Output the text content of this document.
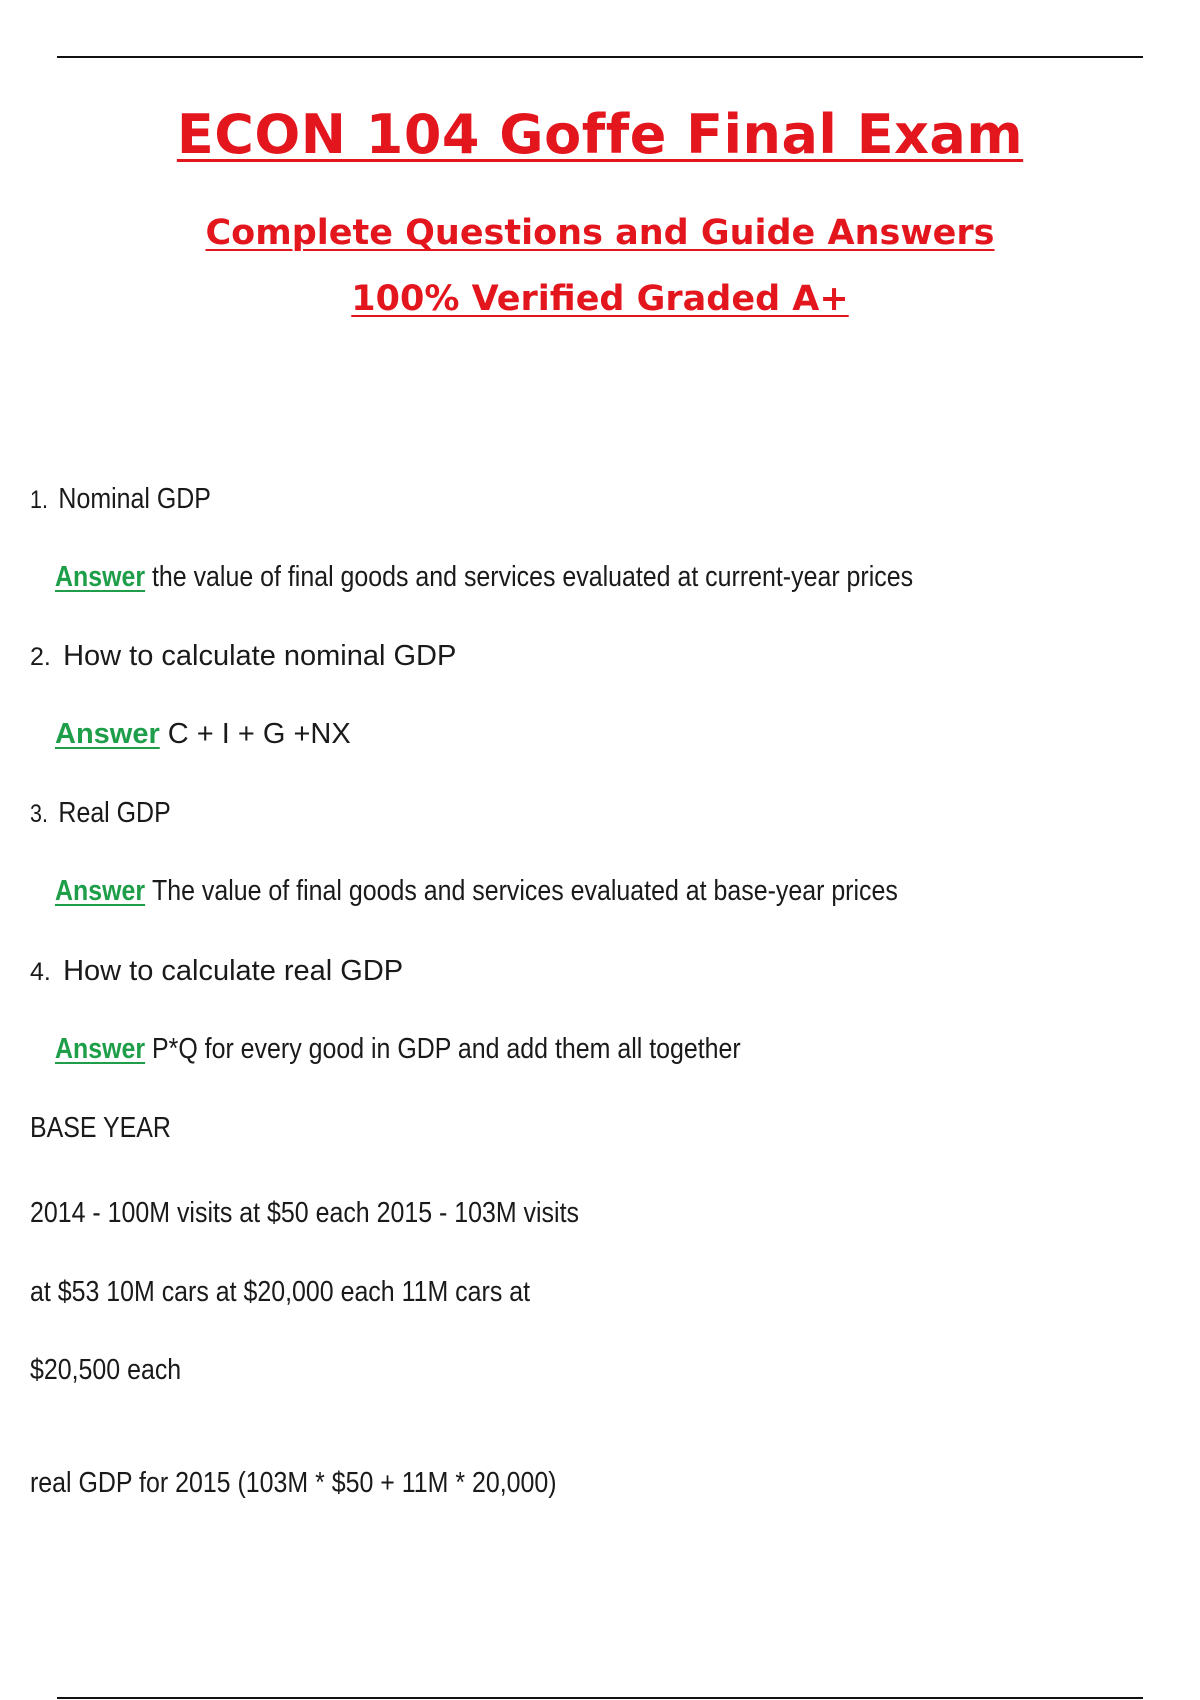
ECON 104 Goffe Final Exam
Complete Questions and Guide Answers
100% Verified Graded A+
1. Nominal GDP
Answer the value of final goods and services evaluated at current-year prices
2. How to calculate nominal GDP
Answer C + I + G +NX
3. Real GDP
Answer The value of final goods and services evaluated at base-year prices
4. How to calculate real GDP
Answer P*Q for every good in GDP and add them all together
BASE YEAR
2014 - 100M visits at $50 each 2015 - 103M visits
at $53 10M cars at $20,000 each 11M cars at
$20,500 each
real GDP for 2015 (103M * $50 + 11M * 20,000)
